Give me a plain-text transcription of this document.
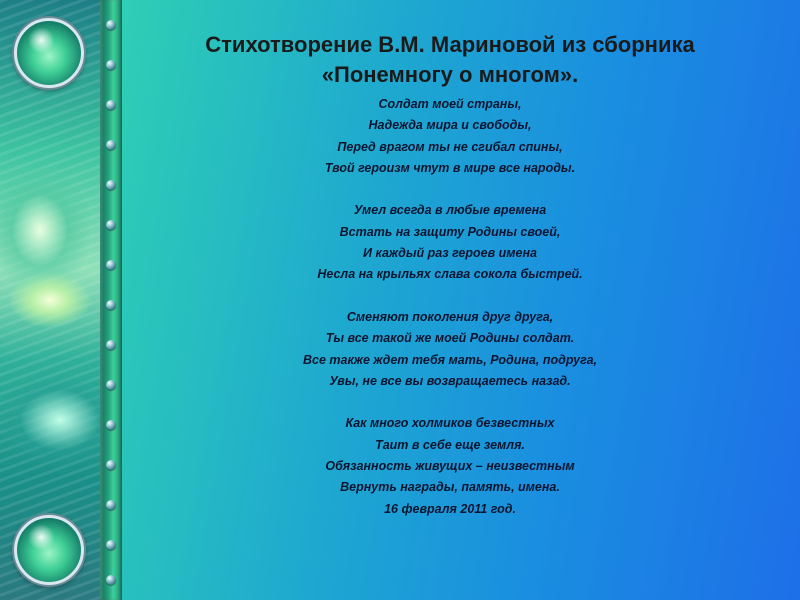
Стихотворение В.М. Мариновой из сборника
«Понемногу о многом».

Солдат моей страны,
Надежда мира и свободы,
Перед врагом ты не сгибал спины,
Твой героизм чтут в мире все народы.

Умел всегда в любые времена
Встать на защиту Родины своей,
И каждый раз героев имена
Несла на крыльях слава сокола быстрей.

Сменяют поколения друг друга,
Ты все такой же моей Родины солдат.
Все также ждет тебя мать, Родина, подруга,
Увы, не все вы возвращаетесь назад.

Как много холмиков безвестных
Таит в себе еще земля.
Обязанность живущих – неизвестным
Вернуть награды, память, имена.

16 февраля 2011 год.
